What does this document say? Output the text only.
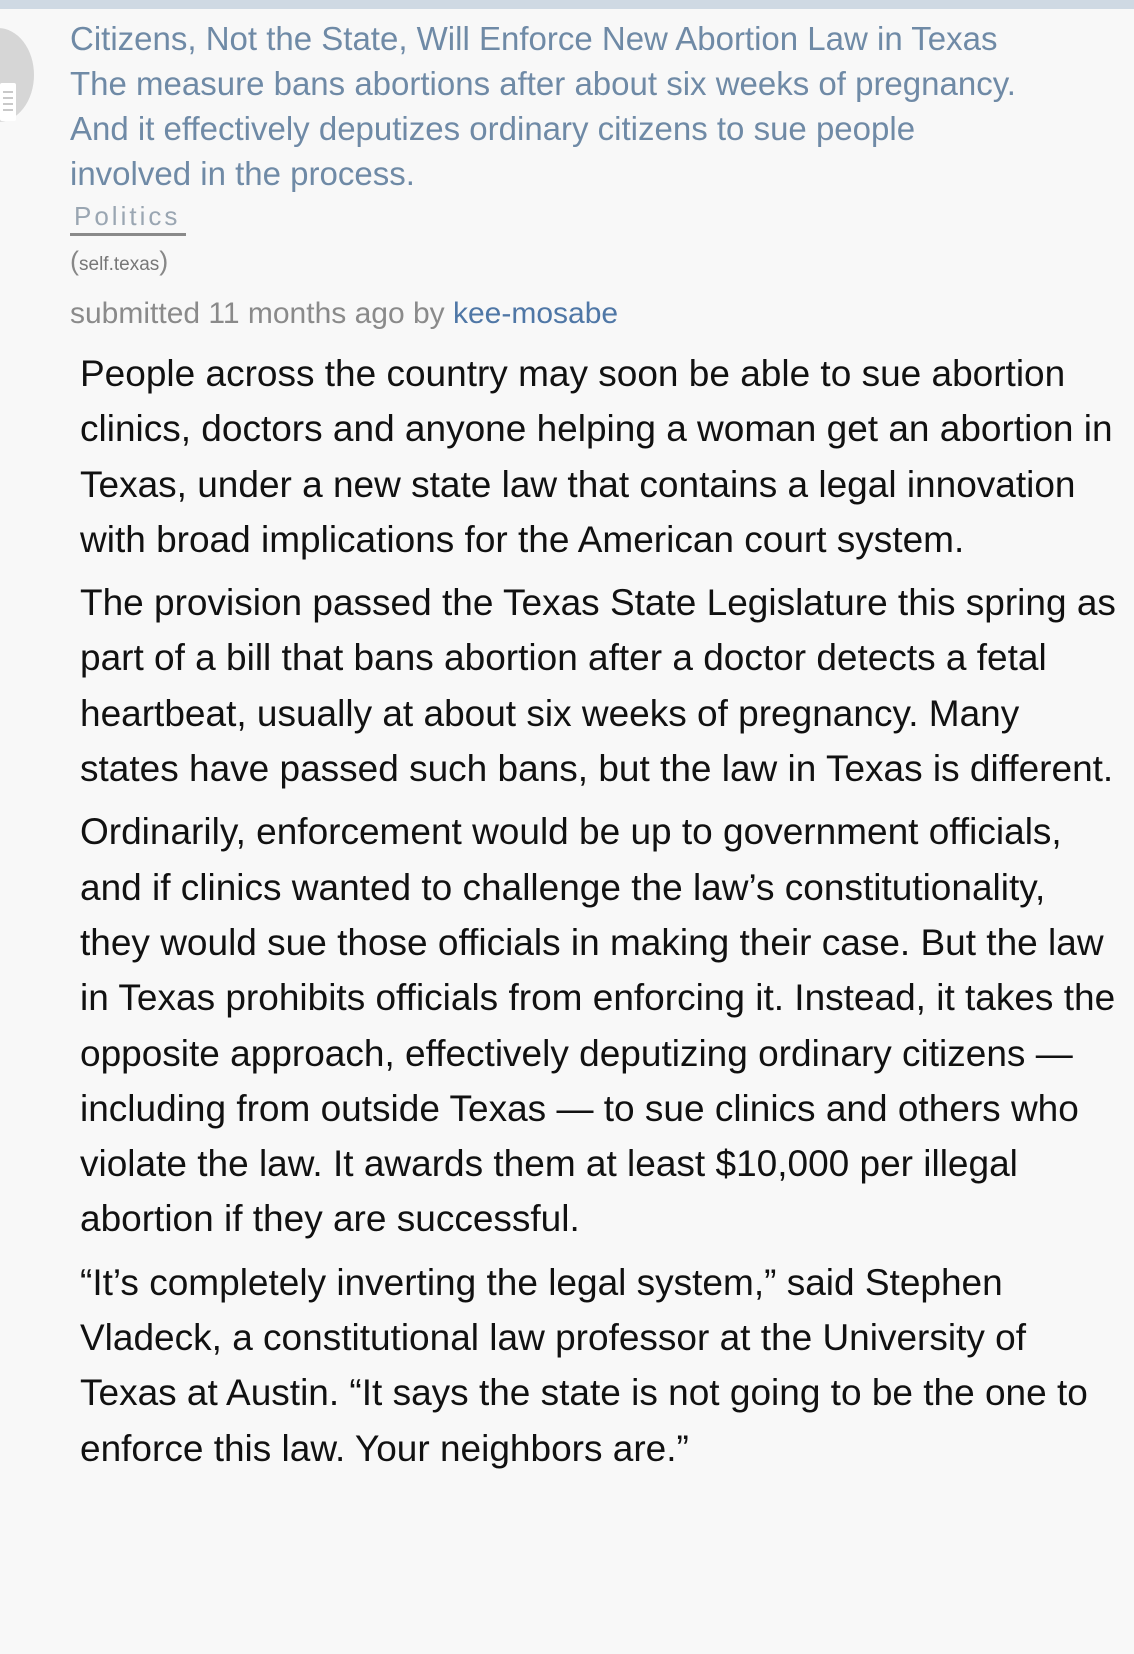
Citizens, Not the State, Will Enforce New Abortion Law in Texas
The measure bans abortions after about six weeks of pregnancy.
And it effectively deputizes ordinary citizens to sue people
involved in the process.
Politics
(self.texas)
submitted 11 months ago by kee-mosabe

People across the country may soon be able to sue abortion clinics, doctors and anyone helping a woman get an abortion in Texas, under a new state law that contains a legal innovation with broad implications for the American court system.

The provision passed the Texas State Legislature this spring as part of a bill that bans abortion after a doctor detects a fetal heartbeat, usually at about six weeks of pregnancy. Many states have passed such bans, but the law in Texas is different.

Ordinarily, enforcement would be up to government officials, and if clinics wanted to challenge the law’s constitutionality, they would sue those officials in making their case. But the law in Texas prohibits officials from enforcing it. Instead, it takes the opposite approach, effectively deputizing ordinary citizens — including from outside Texas — to sue clinics and others who violate the law. It awards them at least $10,000 per illegal abortion if they are successful.

“It’s completely inverting the legal system,” said Stephen Vladeck, a constitutional law professor at the University of Texas at Austin. “It says the state is not going to be the one to enforce this law. Your neighbors are.”
